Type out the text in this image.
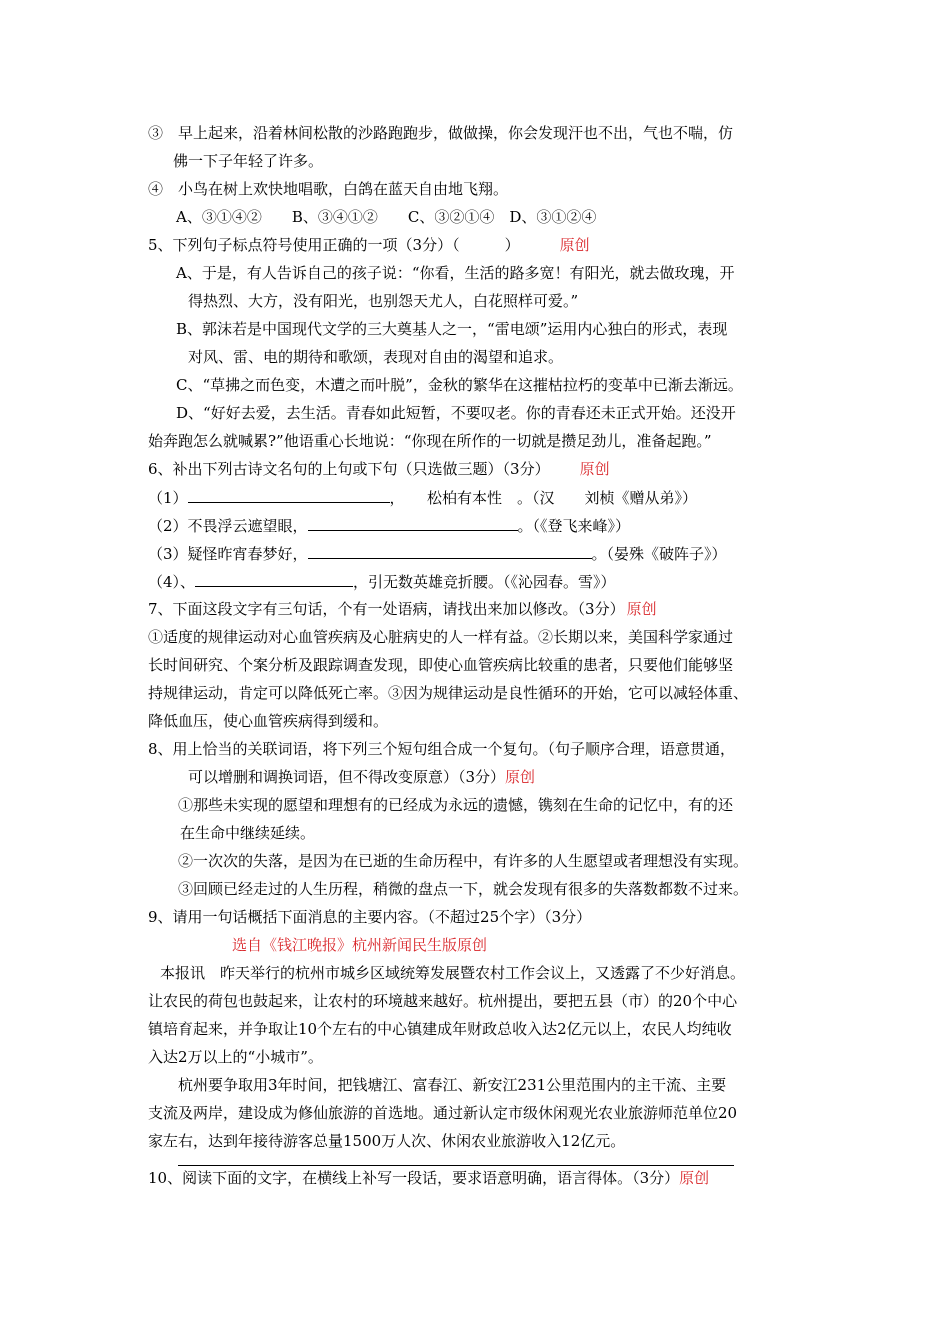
③　早上起来，沿着林间松散的沙路跑跑步，做做操，你会发现汗也不出，气也不喘，仿
佛一下子年轻了许多。
④　小鸟在树上欢快地唱歌，白鸽在蓝天自由地飞翔。
A、③①④②　　B、③④①②　　C、③②①④　D、③①②④
5、下列句子标点符号使用正确的一项（3分）（　　　）	原创
A、于是，有人告诉自己的孩子说：“你看，生活的路多宽！有阳光，就去做玫瑰，开
得热烈、大方，没有阳光，也别怨天尤人，白花照样可爱。”
B、郭沫若是中国现代文学的三大奠基人之一，“雷电颂”运用内心独白的形式，表现
对风、雷、电的期待和歌颂，表现对自由的渴望和追求。
C、“草拂之而色变，木遭之而叶脱”，金秋的繁华在这摧枯拉朽的变革中已渐去渐远。
D、“好好去爱，去生活。青春如此短暂，不要叹老。你的青春还未正式开始。还没开
始奔跑怎么就喊累?”他语重心长地说：“你现在所作的一切就是攒足劲儿，准备起跑。”
6、补出下列古诗文名句的上句或下句（只选做三题）（3分） 原创
（1）	，　　松柏有本性　。（汉　　刘桢《赠从弟》）
（2）不畏浮云遮望眼，	。（《登飞来峰》）
（3）疑怪昨宵春梦好，	。（晏殊《破阵子》）
（4）、	，引无数英雄竞折腰。（《沁园春。雪》）
7、下面这段文字有三句话，个有一处语病，请找出来加以修改。（3分） 原创
①适度的规律运动对心血管疾病及心脏病史的人一样有益。②长期以来，美国科学家通过
长时间研究、个案分析及跟踪调查发现，即使心血管疾病比较重的患者，只要他们能够坚
持规律运动，肯定可以降低死亡率。③因为规律运动是良性循环的开始，它可以减轻体重、
降低血压，使心血管疾病得到缓和。
8、用上恰当的关联词语，将下列三个短句组合成一个复句。（句子顺序合理，语意贯通，
可以增删和调换词语，但不得改变原意）（3分）原创
①那些未实现的愿望和理想有的已经成为永远的遗憾，镌刻在生命的记忆中，有的还
在生命中继续延续。
②一次次的失落，是因为在已逝的生命历程中，有许多的人生愿望或者理想没有实现。
③回顾已经走过的人生历程，稍微的盘点一下，就会发现有很多的失落数都数不过来。
9、请用一句话概括下面消息的主要内容。（不超过25个字）（3分）
选自《钱江晚报》杭州新闻民生版原创
本报讯　昨天举行的杭州市城乡区域统筹发展暨农村工作会议上，又透露了不少好消息。
让农民的荷包也鼓起来，让农村的环境越来越好。杭州提出，要把五县（市）的20个中心
镇培育起来，并争取让10个左右的中心镇建成年财政总收入达2亿元以上，农民人均纯收
入达2万以上的“小城市”。
杭州要争取用3年时间，把钱塘江、富春江、新安江231公里范围内的主干流、主要
支流及两岸，建设成为修仙旅游的首选地。通过新认定市级休闲观光农业旅游师范单位20
家左右，达到年接待游客总量1500万人次、休闲农业旅游收入12亿元。
10、阅读下面的文字，在横线上补写一段话，要求语意明确，语言得体。（3分）原创
